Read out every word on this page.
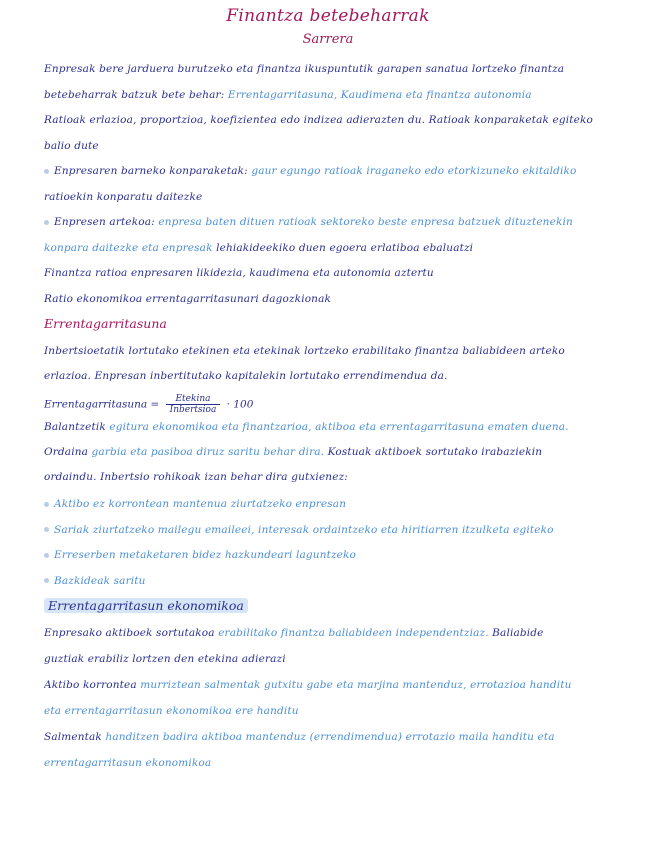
Finantza betebeharrak
Sarrera
Enpresak bere jarduera burutzeko eta finantza ikuspuntutik garapen sanatua lortzeko finantza
betebeharrak batzuk bete behar: Errentagarritasuna, Kaudimena eta finantza autonomia
Ratioak erlazioa, proportzioa, koefizientea edo indizea adierazten du. Ratioak konparaketak egiteko
balio dute
Enpresaren barneko konparaketak: gaur egungo ratioak iraganeko edo etorkizuneko ekitaldiko
ratioekin konparatu daitezke
Enpresen artekoa: enpresa baten dituen ratioak sektoreko beste enpresa batzuek dituztenekin
konpara daitezke eta enpresak lehiakideekiko duen egoera erlatiboa ebaluatzi
Finantza ratioa enpresaren likidezia, kaudimena eta autonomia aztertu
Ratio ekonomikoa errentagarritasunari dagozkionak
Errentagarritasuna
Inbertsioetatik lortutako etekinen eta etekinak lortzeko erabilitako finantza baliabideen arteko
erlazioa. Enpresan inbertitutako kapitalekin lortutako errendimendua da.
Errentagarritasuna = $\frac{\text{Etekina}}{\text{Inbertsioa}} \cdot 100$
Balantzetik egitura ekonomikoa eta finantzarioa, aktiboa eta errentagarritasuna ematen duena.
Ordaina garbia eta pasiboa diruz saritu behar dira. Kostuak aktiboek sortutako irabaziekin
ordaindu. Inbertsio rohikoak izan behar dira gutxienez:
Aktibo ez korrontean mantenua ziurtatzeko enpresan
Sariak ziurtatzeko mailegu emaileei, interesak ordaintzeko eta hiritiarren itzulketa egiteko
Erreserben metaketaren bidez hazkundeari laguntzeko
Bazkideak saritu
Errentagarritasun ekonomikoa
Enpresako aktiboek sortutakoa erabilitako finantza baliabideen independentziaz. Baliabide
guztiak erabiliz lortzen den etekina adierazi
Aktibo korrontea murriztean salmentak gutxitu gabe eta marjina mantenduz, errotazioa handitu
eta errentagarritasun ekonomikoa ere handitu
Salmentak handitzen badira aktiboa mantenduz (errendimendua) errotazio maila handitu eta
errentagarritasun ekonomikoa
